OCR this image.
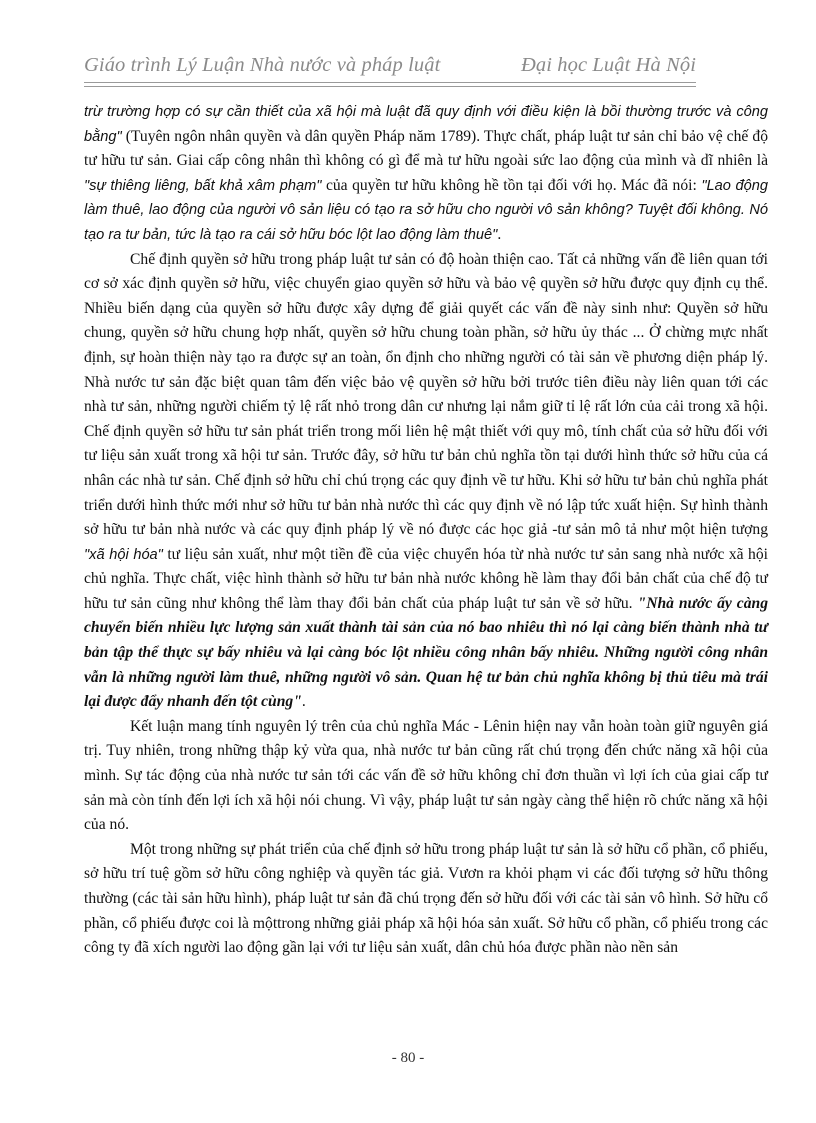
Giáo trình Lý Luận Nhà nước và pháp luật	Đại học Luật Hà Nội

trừ trường hợp có sự cần thiết của xã hội mà luật đã quy định với điều kiện là bồi thường trước và công bằng" (Tuyên ngôn nhân quyền và dân quyền Pháp năm 1789). Thực chất, pháp luật tư sản chỉ bảo vệ chế độ tư hữu tư sản. Giai cấp công nhân thì không có gì để mà tư hữu ngoài sức lao động của mình và dĩ nhiên là "sự thiêng liêng, bất khả xâm phạm" của quyền tư hữu không hề tồn tại đối với họ. Mác đã nói: "Lao động làm thuê, lao động của người vô sản liệu có tạo ra sở hữu cho người vô sản không? Tuyệt đối không. Nó tạo ra tư bản, tức là tạo ra cái sở hữu bóc lột lao động làm thuê".

Chế định quyền sở hữu trong pháp luật tư sản có độ hoàn thiện cao. Tất cả những vấn đề liên quan tới cơ sở xác định quyền sở hữu, việc chuyển giao quyền sở hữu và bảo vệ quyền sở hữu được quy định cụ thể. Nhiều biến dạng của quyền sở hữu được xây dựng để giải quyết các vấn đề này sinh như: Quyền sở hữu chung, quyền sở hữu chung hợp nhất, quyền sở hữu chung toàn phần, sở hữu ủy thác ... Ở chừng mực nhất định, sự hoàn thiện này tạo ra được sự an toàn, ổn định cho những người có tài sản về phương diện pháp lý. Nhà nước tư sản đặc biệt quan tâm đến việc bảo vệ quyền sở hữu bởi trước tiên điều này liên quan tới các nhà tư sản, những người chiếm tỷ lệ rất nhỏ trong dân cư nhưng lại nắm giữ tỉ lệ rất lớn của cải trong xã hội. Chế định quyền sở hữu tư sản phát triển trong mối liên hệ mật thiết với quy mô, tính chất của sở hữu đối với tư liệu sản xuất trong xã hội tư sản. Trước đây, sở hữu tư bản chủ nghĩa tồn tại dưới hình thức sở hữu của cá nhân các nhà tư sản. Chế định sở hữu chỉ chú trọng các quy định về tư hữu. Khi sở hữu tư bản chủ nghĩa phát triển dưới hình thức mới như sở hữu tư bản nhà nước thì các quy định về nó lập tức xuất hiện. Sự hình thành sở hữu tư bản nhà nước và các quy định pháp lý về nó được các học giả -tư sản mô tả như một hiện tượng "xã hội hóa" tư liệu sản xuất, như một tiền đề của việc chuyển hóa từ nhà nước tư sản sang nhà nước xã hội chủ nghĩa. Thực chất, việc hình thành sở hữu tư bản nhà nước không hề làm thay đổi bản chất của chế độ tư hữu tư sản cũng như không thể làm thay đổi bản chất của pháp luật tư sản về sở hữu. "Nhà nước ấy càng chuyển biến nhiều lực lượng sản xuất thành tài sản của nó bao nhiêu thì nó lại càng biến thành nhà tư bản tập thể thực sự bấy nhiêu và lại càng bóc lột nhiều công nhân bấy nhiêu. Những người công nhân vẫn là những người làm thuê, những người vô sản. Quan hệ tư bản chủ nghĩa không bị thủ tiêu mà trái lại được đẩy nhanh đến tột cùng".

Kết luận mang tính nguyên lý trên của chủ nghĩa Mác - Lênin hiện nay vẫn hoàn toàn giữ nguyên giá trị. Tuy nhiên, trong những thập kỷ vừa qua, nhà nước tư bản cũng rất chú trọng đến chức năng xã hội của mình. Sự tác động của nhà nước tư sản tới các vấn đề sở hữu không chỉ đơn thuần vì lợi ích của giai cấp tư sản mà còn tính đến lợi ích xã hội nói chung. Vì vậy, pháp luật tư sản ngày càng thể hiện rõ chức năng xã hội của nó.

Một trong những sự phát triển của chế định sở hữu trong pháp luật tư sản là sở hữu cổ phần, cổ phiếu, sở hữu trí tuệ gồm sở hữu công nghiệp và quyền tác giả. Vươn ra khỏi phạm vi các đối tượng sở hữu thông thường (các tài sản hữu hình), pháp luật tư sản đã chú trọng đến sở hữu đối với các tài sản vô hình. Sở hữu cổ phần, cổ phiếu được coi là mộttrong những giải pháp xã hội hóa sản xuất. Sở hữu cổ phần, cổ phiếu trong các công ty đã xích người lao động gần lại với tư liệu sản xuất, dân chủ hóa được phần nào nền sản

- 80 -
